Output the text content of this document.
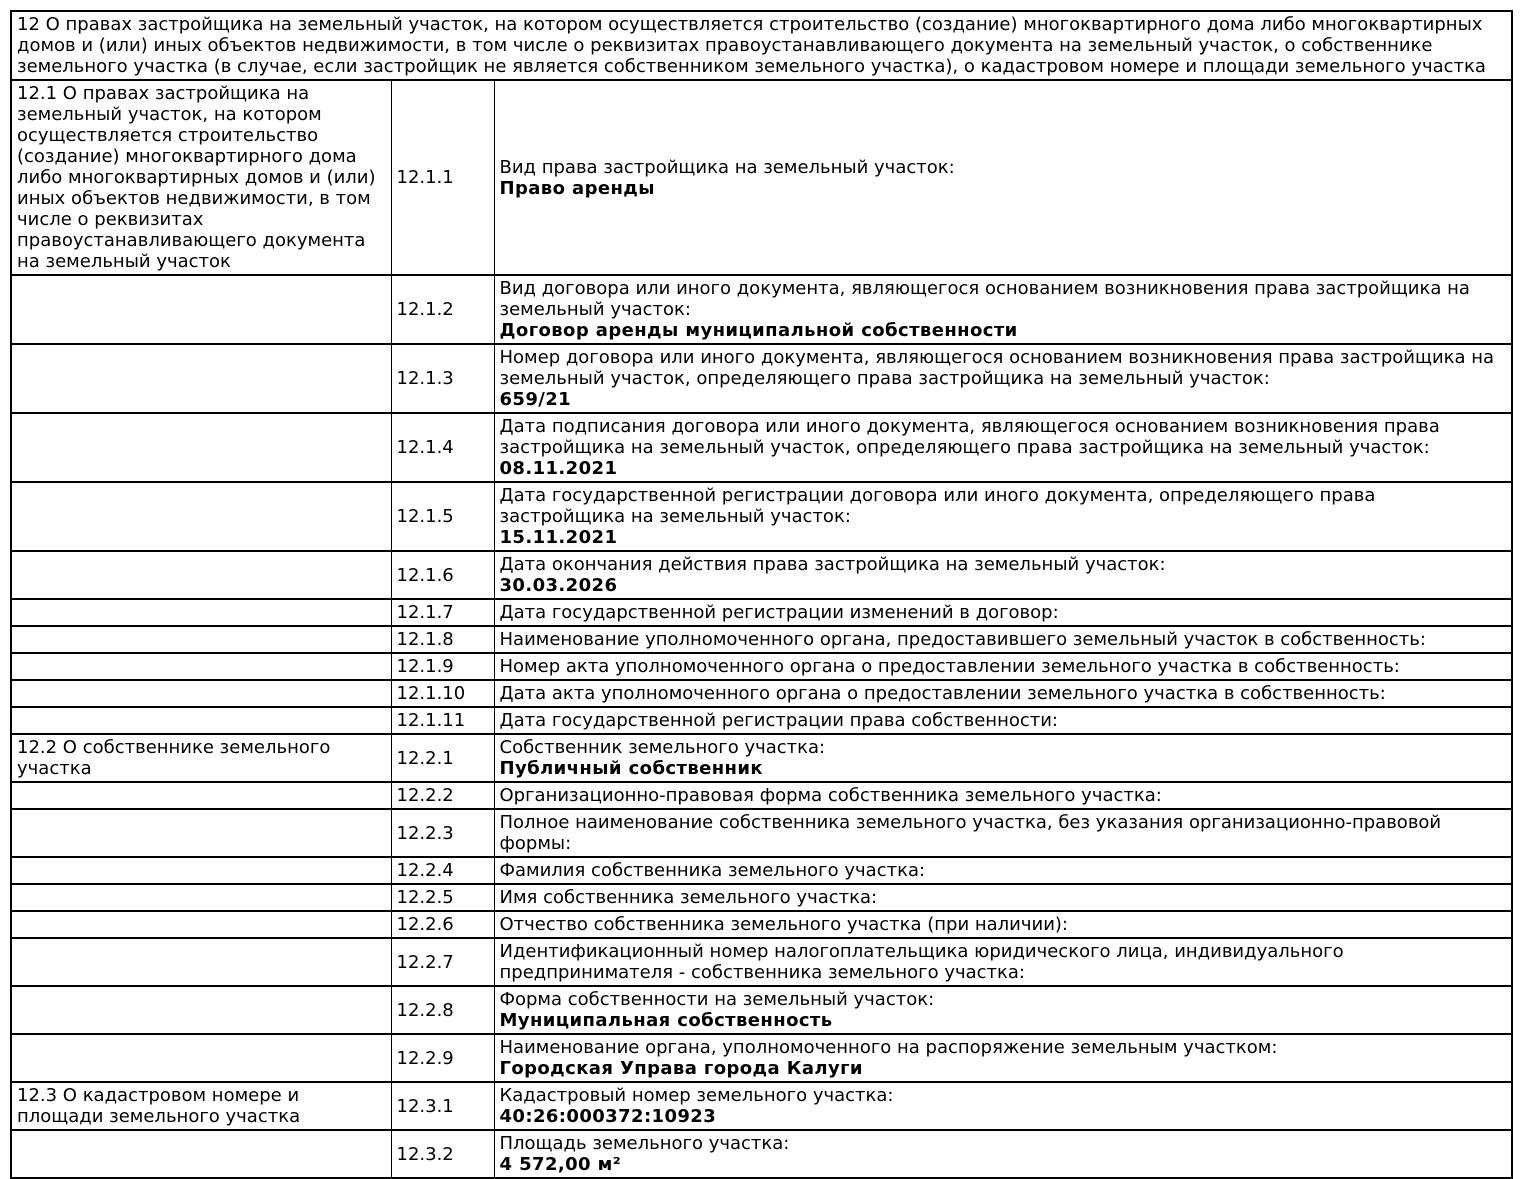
12 О правах застройщика на земельный участок, на котором осуществляется строительство (создание) многоквартирного дома либо многоквартирных домов и (или) иных объектов недвижимости, в том числе о реквизитах правоустанавливающего документа на земельный участок, о собственнике земельного участка (в случае, если застройщик не является собственником земельного участка), о кадастровом номере и площади земельного участка		
12.1 О правах застройщика на земельный участок, на котором осуществляется строительство (создание) многоквартирного дома либо многоквартирных домов и (или) иных объектов недвижимости, в том числе о реквизитах правоустанавливающего документа на земельный участок	12.1.1	Вид права застройщика на земельный участок:
Право аренды

	12.1.2	Вид договора или иного документа, являющегося основанием возникновения права застройщика на земельный участок:
Договор аренды муниципальной собственности

	12.1.3	Номер договора или иного документа, являющегося основанием возникновения права застройщика на земельный участок, определяющего права застройщика на земельный участок:
659/21

	12.1.4	Дата подписания договора или иного документа, являющегося основанием возникновения права застройщика на земельный участок, определяющего права застройщика на земельный участок:
08.11.2021

	12.1.5	Дата государственной регистрации договора или иного документа, определяющего права застройщика на земельный участок:
15.11.2021

	12.1.6	Дата окончания действия права застройщика на земельный участок:
30.03.2026

	12.1.7	Дата государственной регистрации изменений в договор:

	12.1.8	Наименование уполномоченного органа, предоставившего земельный участок в собственность:

	12.1.9	Номер акта уполномоченного органа о предоставлении земельного участка в собственность:

	12.1.10	Дата акта уполномоченного органа о предоставлении земельного участка в собственность:

	12.1.11	Дата государственной регистрации права собственности:

12.2 О собственнике земельного участка	12.2.1	Собственник земельного участка:
Публичный собственник

	12.2.2	Организационно-правовая форма собственника земельного участка:

	12.2.3	Полное наименование собственника земельного участка, без указания организационно-правовой формы:

	12.2.4	Фамилия собственника земельного участка:

	12.2.5	Имя собственника земельного участка:

	12.2.6	Отчество собственника земельного участка (при наличии):

	12.2.7	Идентификационный номер налогоплательщика юридического лица, индивидуального предпринимателя - собственника земельного участка:

	12.2.8	Форма собственности на земельный участок:
Муниципальная собственность

	12.2.9	Наименование органа, уполномоченного на распоряжение земельным участком:
Городская Управа города Калуги

12.3 О кадастровом номере и площади земельного участка	12.3.1	Кадастровый номер земельного участка:
40:26:000372:10923

	12.3.2	Площадь земельного участка:
4 572,00 м²
